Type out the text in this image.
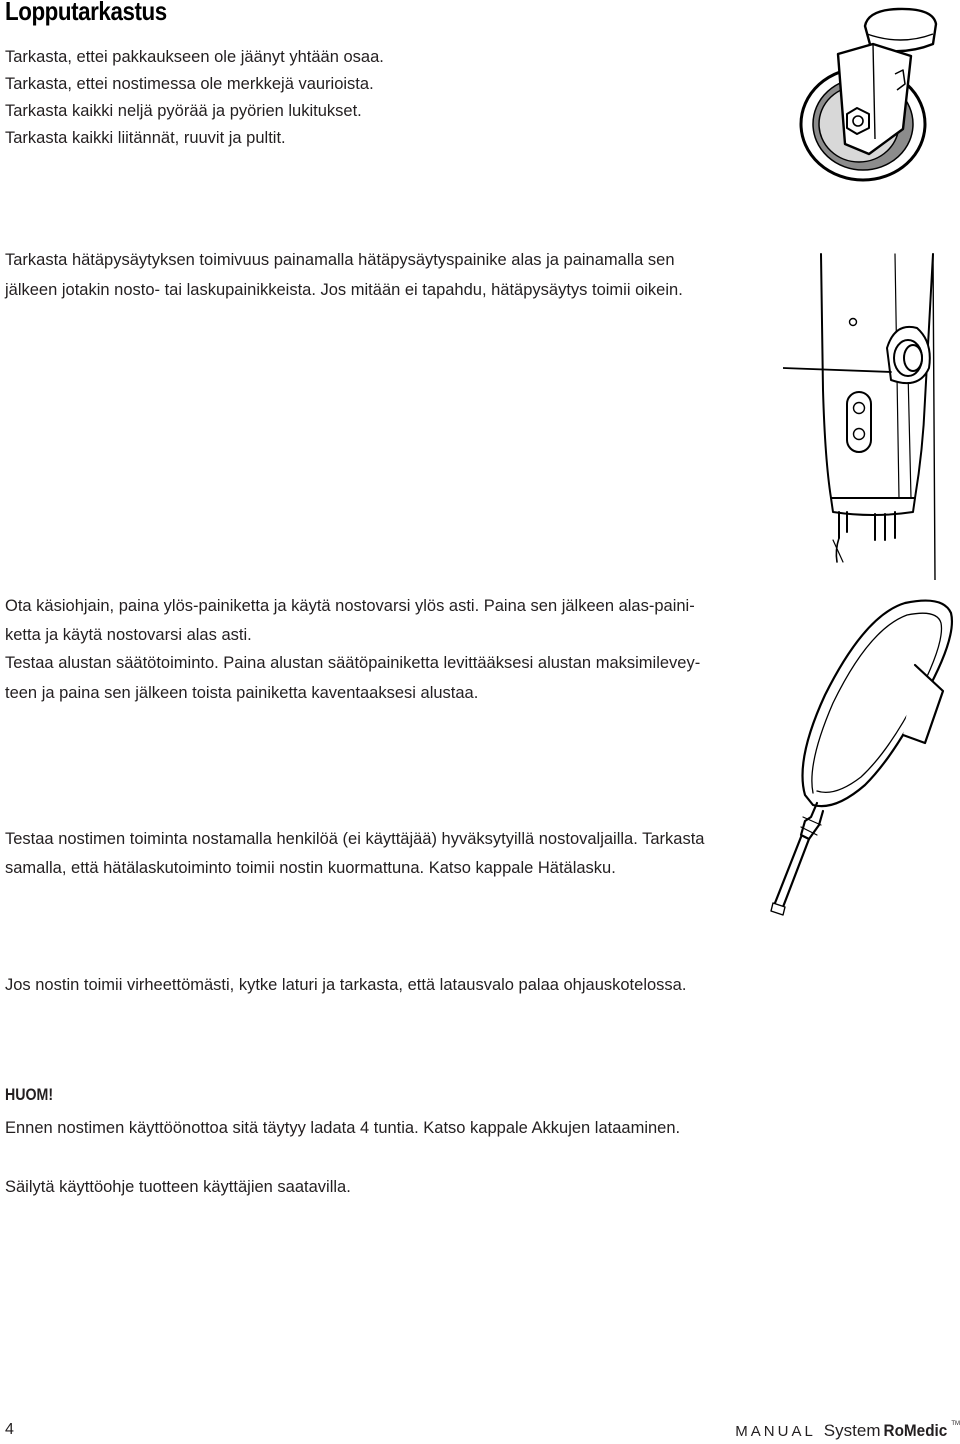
Lopputarkastus
Tarkasta, ettei pakkaukseen ole jäänyt yhtään osaa.
Tarkasta, ettei nostimessa ole merkkejä vaurioista.
Tarkasta kaikki neljä pyörää ja pyörien lukitukset.
Tarkasta kaikki liitännät, ruuvit ja pultit.
Tarkasta hätäpysäytyksen toimivuus painamalla hätäpysäytyspainike alas ja painamalla sen
jälkeen jotakin nosto- tai laskupainikkeista. Jos mitään ei tapahdu, hätäpysäytys toimii oikein.
Ota käsiohjain, paina ylös-painiketta ja käytä nostovarsi ylös asti. Paina sen jälkeen alas-paini-
ketta ja käytä nostovarsi alas asti.
Testaa alustan säätötoiminto. Paina alustan säätöpainiketta levittääksesi alustan maksimilevey-
teen ja paina sen jälkeen toista painiketta kaventaaksesi alustaa.
Testaa nostimen toiminta nostamalla henkilöä (ei käyttäjää) hyväksytyillä nostovaljailla. Tarkasta
samalla, että hätälaskutoiminto toimii nostin kuormattuna. Katso kappale Hätälasku.
Jos nostin toimii virheettömästi, kytke laturi ja tarkasta, että latausvalo palaa ohjauskotelossa.
HUOM!
Ennen nostimen käyttöönottoa sitä täytyy ladata 4 tuntia. Katso kappale Akkujen lataaminen.
Säilytä käyttöohje tuotteen käyttäjien saatavilla.
4	MANUAL System RoMedic ™
